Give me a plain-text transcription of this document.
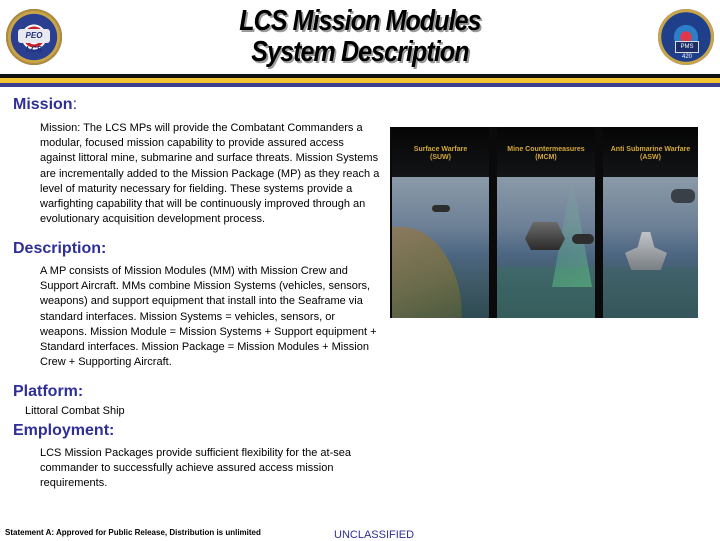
PEO LCS
LCS Mission Modules
System Description	PMS 420
Mission:
Mission: The LCS MPs will provide the Combatant Commanders a modular, focused mission capability to provide assured access against littoral mine, submarine and surface threats. Mission Systems are incrementally added to the Mission Package (MP) as they reach a level of maturity necessary for fielding. These systems provide a warfighting capability that will be continuously improved through an evolutionary acquisition development process.
Description:
A MP consists of Mission Modules (MM) with Mission Crew and Support Aircraft. MMs combine Mission Systems (vehicles, sensors, weapons) and support equipment that install into the Seaframe via standard interfaces. Mission Systems = vehicles, sensors, or weapons. Mission Module = Mission Systems + Support equipment + Standard interfaces. Mission Package = Mission Modules + Mission Crew + Supporting Aircraft.
Platform:
Littoral Combat Ship
Employment:
LCS Mission Packages provide sufficient flexibility for the at-sea commander to successfully achieve assured access mission requirements.
Surface Warfare
(SUW)
Mine Countermeasures
(MCM)
Anti Submarine Warfare
(ASW)
Statement A: Approved for Public Release, Distribution is unlimited	UNCLASSIFIED
